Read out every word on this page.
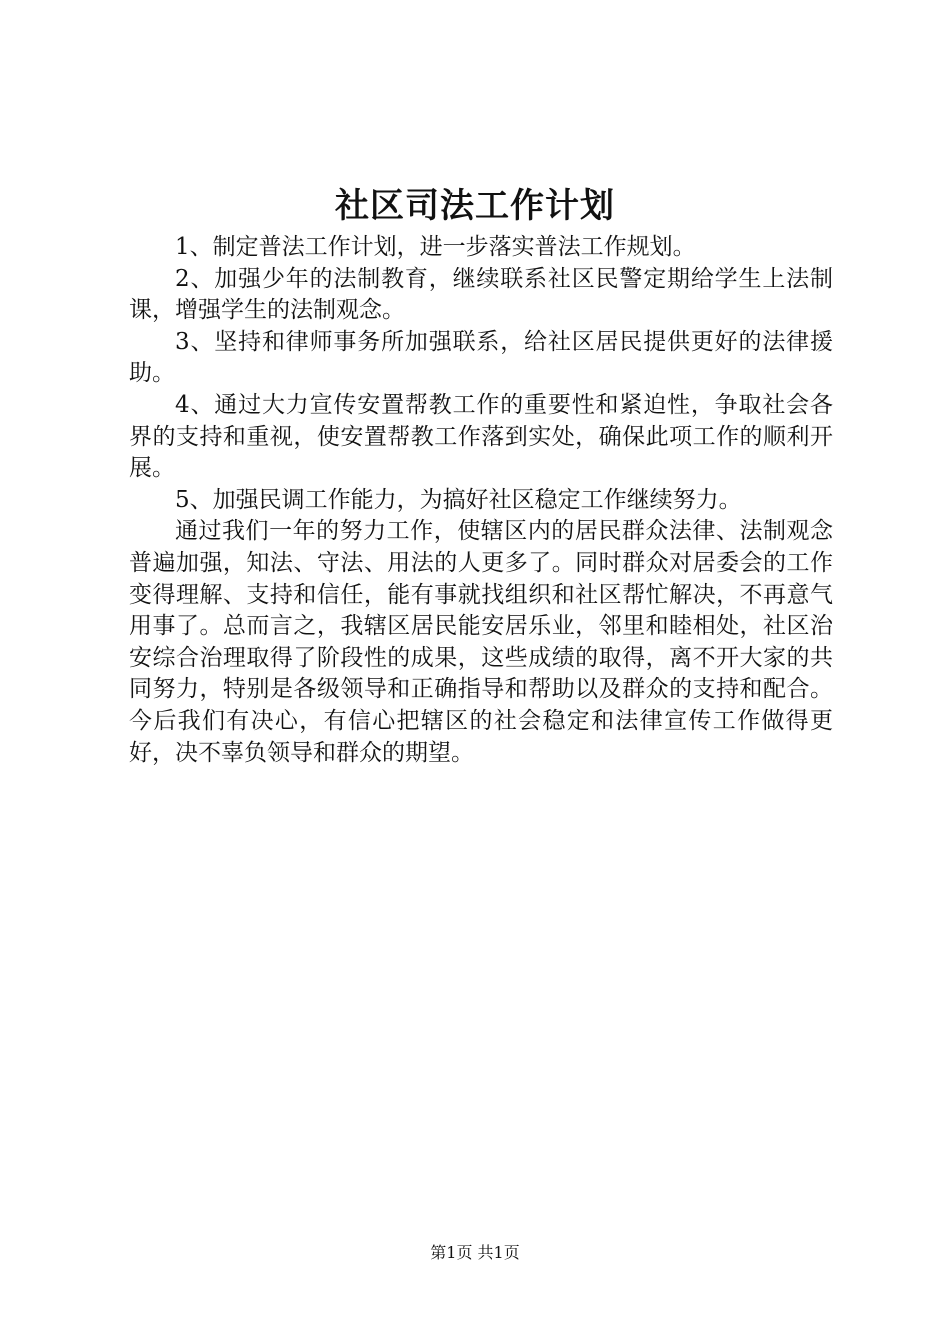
社区司法工作计划

1、制定普法工作计划，进一步落实普法工作规划。

2、加强少年的法制教育，继续联系社区民警定期给学生上法制课，增强学生的法制观念。

3、坚持和律师事务所加强联系，给社区居民提供更好的法律援助。

4、通过大力宣传安置帮教工作的重要性和紧迫性，争取社会各界的支持和重视，使安置帮教工作落到实处，确保此项工作的顺利开展。

5、加强民调工作能力，为搞好社区稳定工作继续努力。

通过我们一年的努力工作，使辖区内的居民群众法律、法制观念普遍加强，知法、守法、用法的人更多了。同时群众对居委会的工作变得理解、支持和信任，能有事就找组织和社区帮忙解决，不再意气用事了。总而言之，我辖区居民能安居乐业，邻里和睦相处，社区治安综合治理取得了阶段性的成果，这些成绩的取得，离不开大家的共同努力，特别是各级领导和正确指导和帮助以及群众的支持和配合。今后我们有决心，有信心把辖区的社会稳定和法律宣传工作做得更好，决不辜负领导和群众的期望。

第1页 共1页
